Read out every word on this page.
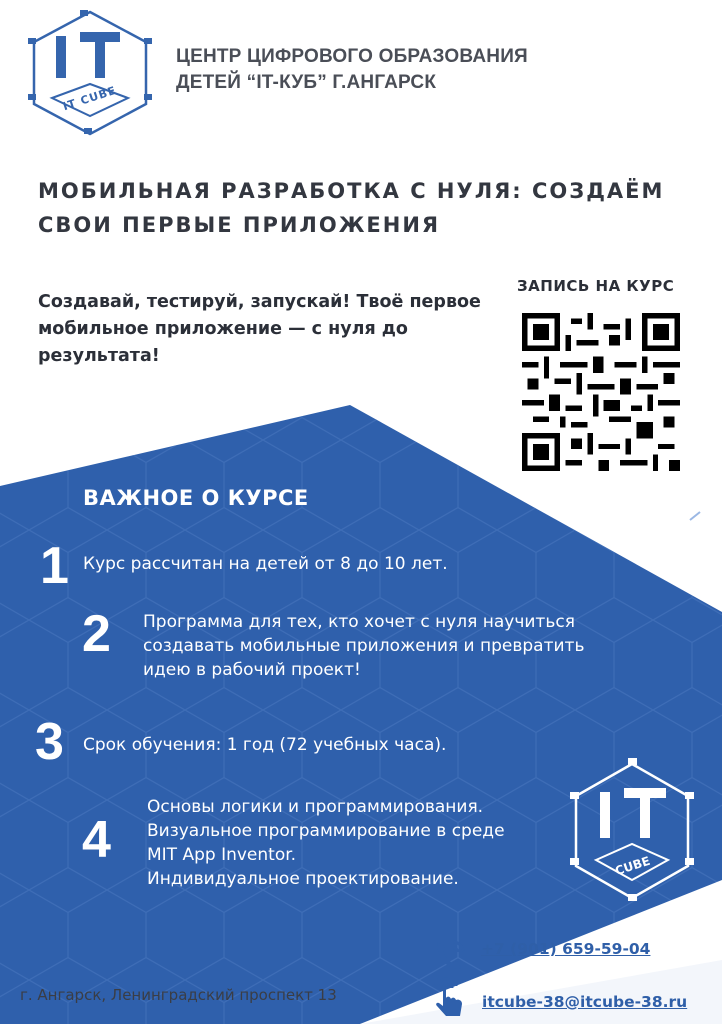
IT CUBE
ЦЕНТР ЦИФРОВОГО ОБРАЗОВАНИЯ
ДЕТЕЙ “IT-КУБ” Г.АНГАРСК
МОБИЛЬНАЯ РАЗРАБОТКА С НУЛЯ: СОЗДАЁМ
СВОИ ПЕРВЫЕ ПРИЛОЖЕНИЯ
Создавай, тестируй, запускай! Твоё первое мобильное приложение — с нуля до результата!
ЗАПИСЬ НА КУРС
ВАЖНОЕ О КУРСЕ
1 Курс рассчитан на детей от 8 до 10 лет.
2 Программа для тех, кто хочет с нуля научиться
создавать мобильные приложения и превратить
идею в рабочий проект!
3 Срок обучения: 1 год (72 учебных часа).
4
Основы логики и программирования.
Визуальное программирование в среде
MIT App Inventor.
Индивидуальное проектирование.
CUBE
+7 (901) 659-59-04
itcube-38@itcube-38.ru
г. Ангарск, Ленинградский проспект 13
